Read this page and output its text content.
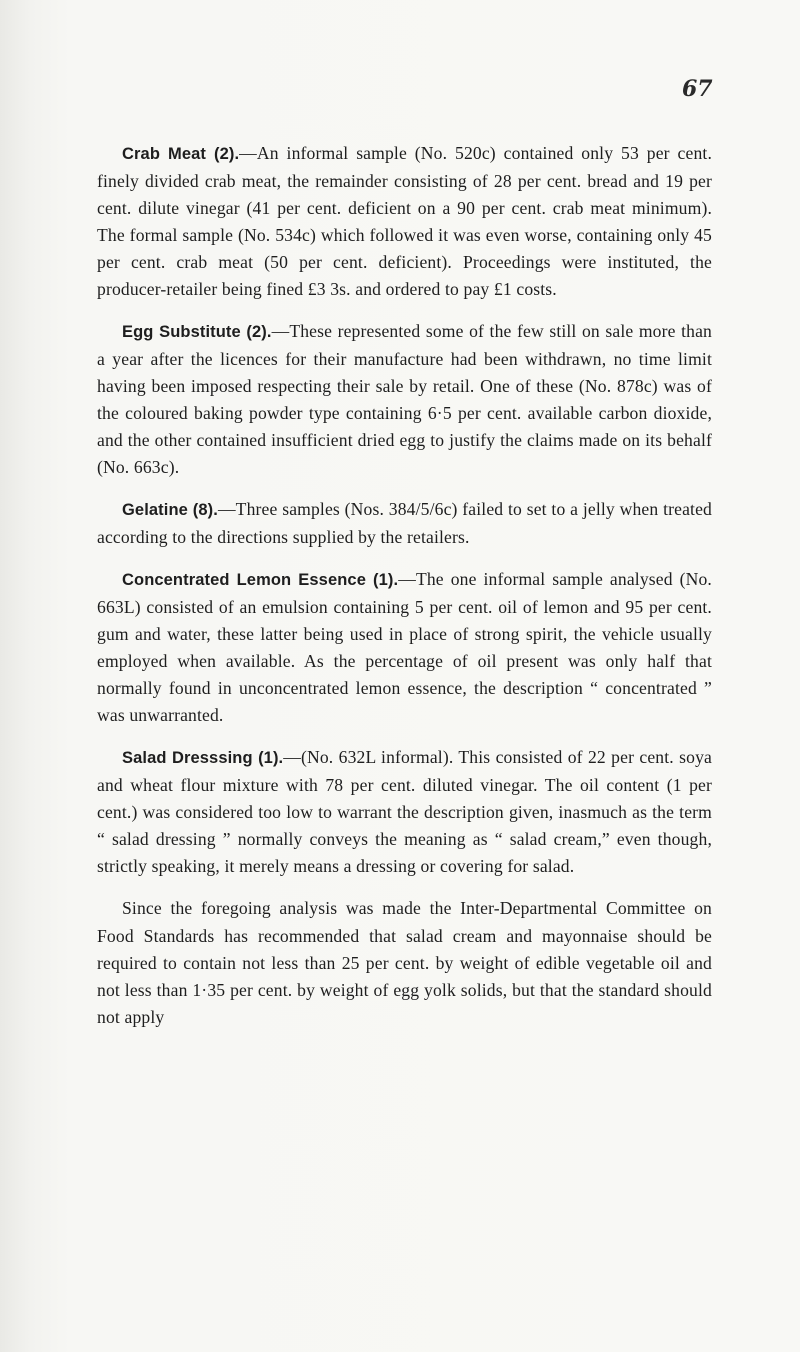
67

Crab Meat (2).—An informal sample (No. 520c) contained only 53 per cent. finely divided crab meat, the remainder consisting of 28 per cent. bread and 19 per cent. dilute vinegar (41 per cent. deficient on a 90 per cent. crab meat minimum). The formal sample (No. 534c) which followed it was even worse, containing only 45 per cent. crab meat (50 per cent. deficient). Proceedings were instituted, the producer-retailer being fined £3 3s. and ordered to pay £1 costs.

Egg Substitute (2).—These represented some of the few still on sale more than a year after the licences for their manufacture had been withdrawn, no time limit having been imposed respecting their sale by retail. One of these (No. 878c) was of the coloured baking powder type containing 6·5 per cent. available carbon dioxide, and the other contained insufficient dried egg to justify the claims made on its behalf (No. 663c).

Gelatine (8).—Three samples (Nos. 384/5/6c) failed to set to a jelly when treated according to the directions supplied by the retailers.

Concentrated Lemon Essence (1).—The one informal sample analysed (No. 663L) consisted of an emulsion containing 5 per cent. oil of lemon and 95 per cent. gum and water, these latter being used in place of strong spirit, the vehicle usually employed when available. As the percentage of oil present was only half that normally found in unconcentrated lemon essence, the description “ concentrated ” was unwarranted.

Salad Dresssing (1).—(No. 632L informal). This consisted of 22 per cent. soya and wheat flour mixture with 78 per cent. diluted vinegar. The oil content (1 per cent.) was considered too low to warrant the description given, inasmuch as the term “ salad dressing ” normally conveys the meaning as “ salad cream,” even though, strictly speaking, it merely means a dressing or covering for salad.

Since the foregoing analysis was made the Inter-Departmental Committee on Food Standards has recommended that salad cream and mayonnaise should be required to contain not less than 25 per cent. by weight of edible vegetable oil and not less than 1·35 per cent. by weight of egg yolk solids, but that the standard should not apply
